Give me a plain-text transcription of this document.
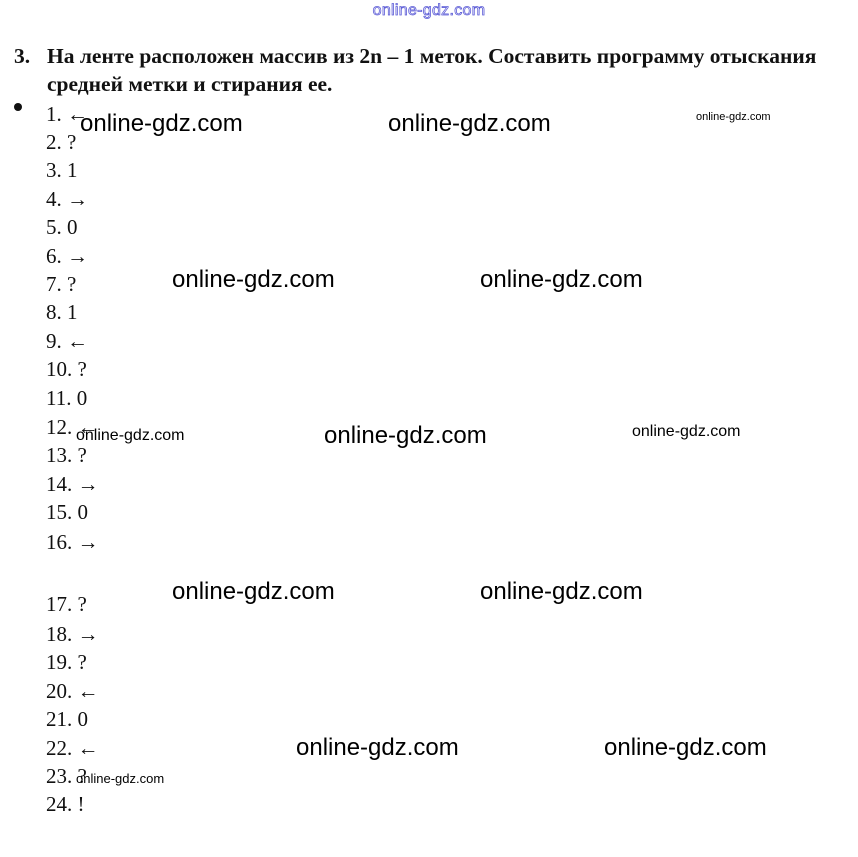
online-gdz.com
3. На ленте расположен массив из 2n – 1 меток. Составить программу отыскания средней метки и стирания ее.
1. ←
2. ?
3. 1
4. →
5. 0
6. →
7. ?
8. 1
9. ←
10. ?
11. 0
12. ←
13. ?
14. →
15. 0
16. →
17. ?
18. →
19. ?
20. ←
21. 0
22. ←
23. ?
24. !
online-gdz.com	online-gdz.com	online-gdz.com
online-gdz.com	online-gdz.com
online-gdz.com	online-gdz.com	online-gdz.com
online-gdz.com	online-gdz.com
online-gdz.com	online-gdz.com
online-gdz.com
